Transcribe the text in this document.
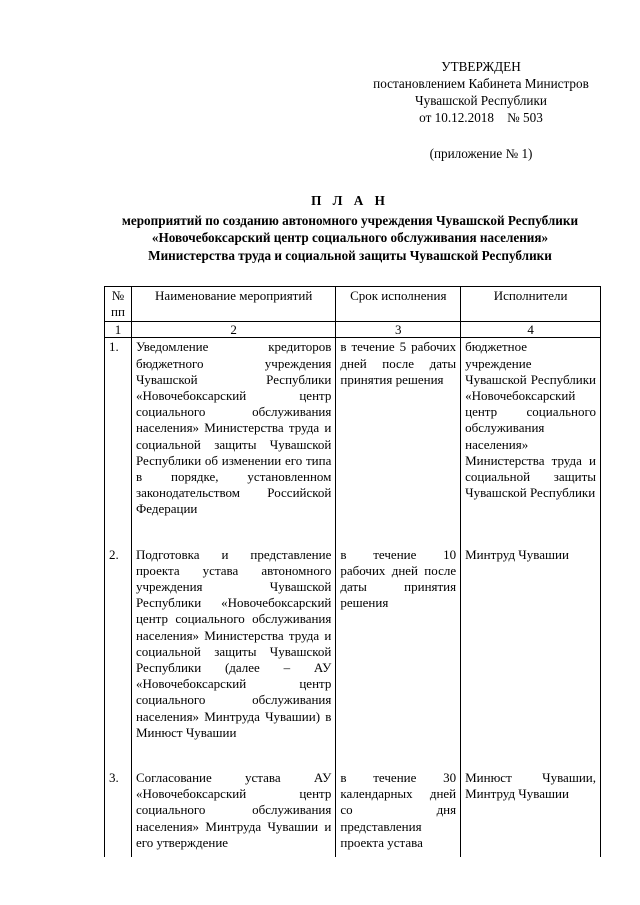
УТВЕРЖДЕН
постановлением Кабинета Министров
Чувашской Республики
от 10.12.2018    № 503
(приложение № 1)
П Л А Н
мероприятий по созданию автономного учреждения Чувашской Республики
«Новочебоксарский центр социального обслуживания населения»
Министерства труда и социальной защиты Чувашской Республики
№ пп	Наименование мероприятий	Срок исполнения	Исполнители
1	2	3	4
1.	Уведомление кредиторов бюджетного учреждения Чувашской Республики «Новочебоксарский центр социального обслуживания населения» Министерства труда и социальной защиты Чувашской Республики об изменении его типа в порядке, установленном законодательством Российской Федерации	в течение 5 рабочих дней после даты принятия решения	бюджетное учреждение Чувашской Республики «Новочебоксарский центр социального обслуживания населения» Министерства труда и социальной защиты Чувашской Республики
2.	Подготовка и представление проекта устава автономного учреждения Чувашской Республики «Новочебоксарский центр социального обслуживания населения» Министерства труда и социальной защиты Чувашской Республики (далее – АУ «Новочебоксарский центр социального обслуживания населения» Минтруда Чувашии) в Минюст Чувашии	в течение 10 рабочих дней после даты принятия решения	Минтруд Чувашии
3.	Согласование устава АУ «Новочебоксарский центр социального обслуживания населения» Минтруда Чувашии и его утверждение	в течение 30 календарных дней со дня представления проекта устава	Минюст Чувашии, Минтруд Чувашии
